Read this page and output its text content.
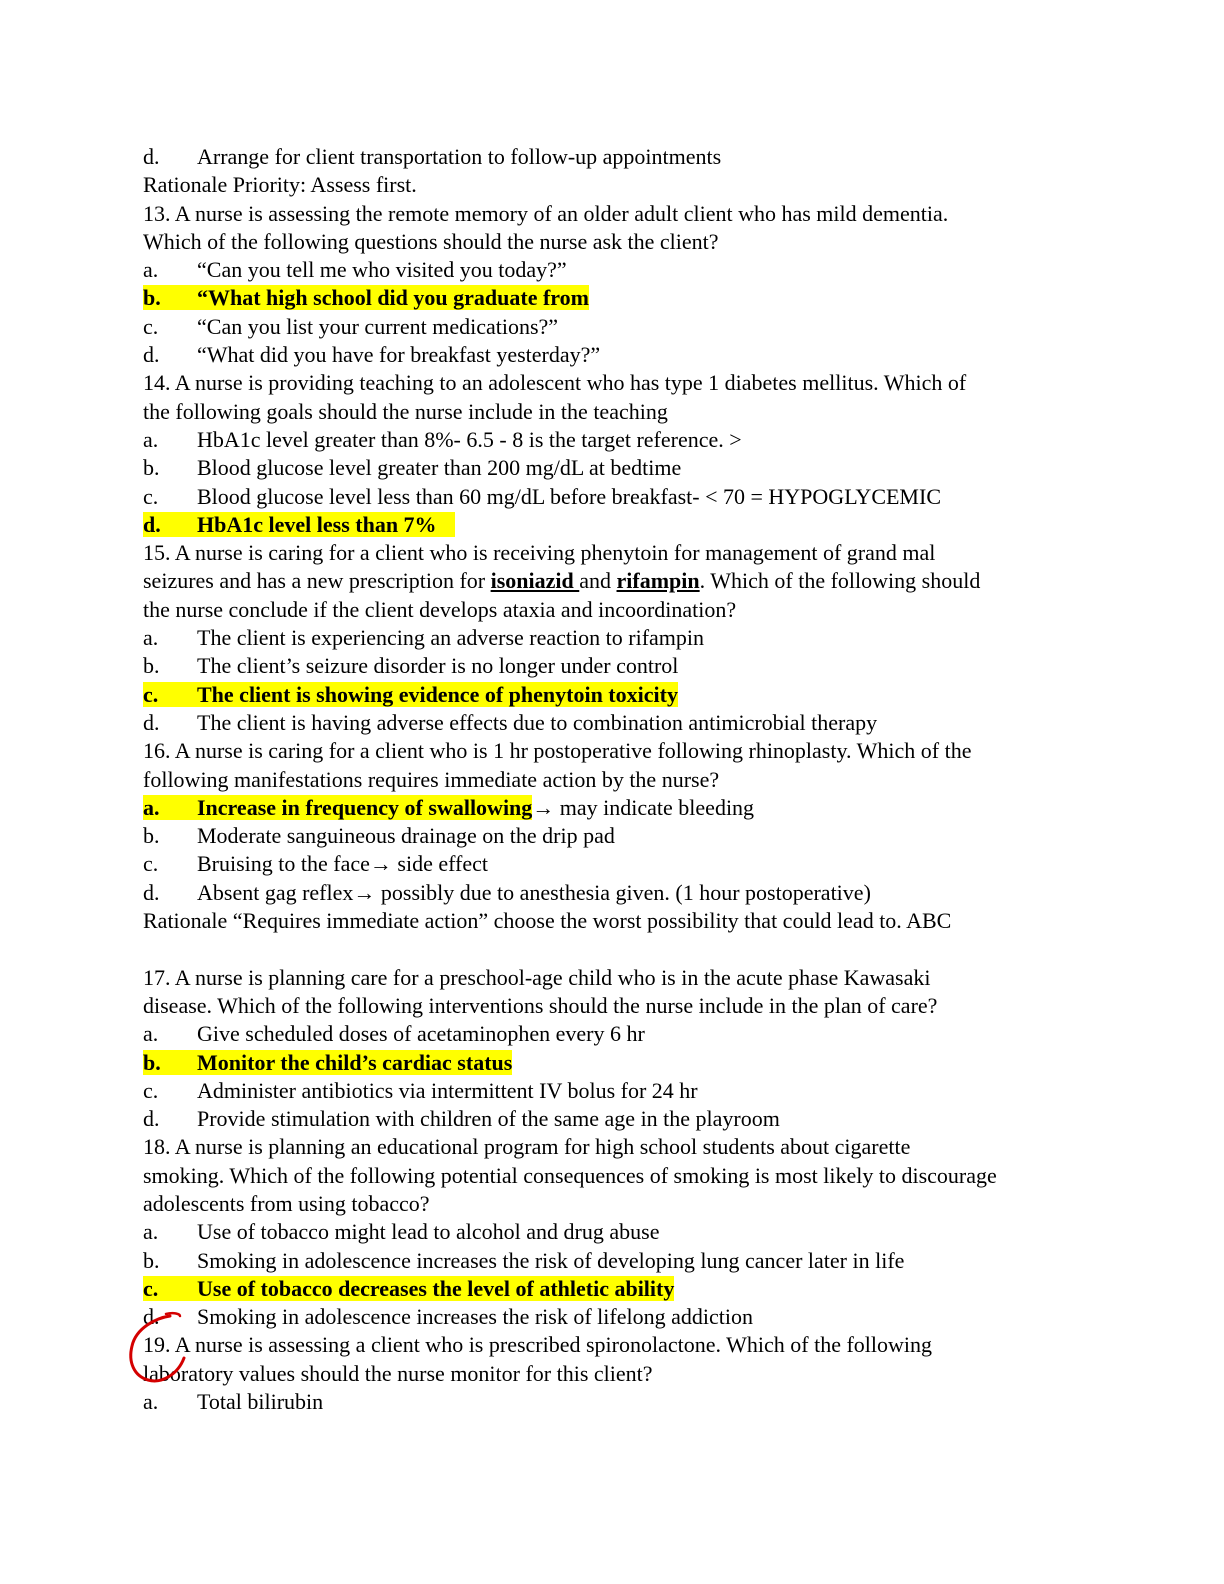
d. Arrange for client transportation to follow-up appointments
Rationale Priority: Assess first.
13. A nurse is assessing the remote memory of an older adult client who has mild dementia.
Which of the following questions should the nurse ask the client?
a. “Can you tell me who visited you today?”
b. “What high school did you graduate from
c. “Can you list your current medications?”
d. “What did you have for breakfast yesterday?”
14. A nurse is providing teaching to an adolescent who has type 1 diabetes mellitus. Which of
the following goals should the nurse include in the teaching
a. HbA1c level greater than 8%- 6.5 - 8 is the target reference. >
b. Blood glucose level greater than 200 mg/dL at bedtime
c. Blood glucose level less than 60 mg/dL before breakfast- < 70 = HYPOGLYCEMIC
d. HbA1c level less than 7%
15. A nurse is caring for a client who is receiving phenytoin for management of grand mal
seizures and has a new prescription for isoniazid and rifampin. Which of the following should
the nurse conclude if the client develops ataxia and incoordination?
a. The client is experiencing an adverse reaction to rifampin
b. The client’s seizure disorder is no longer under control
c. The client is showing evidence of phenytoin toxicity
d. The client is having adverse effects due to combination antimicrobial therapy
16. A nurse is caring for a client who is 1 hr postoperative following rhinoplasty. Which of the
following manifestations requires immediate action by the nurse?
a. Increase in frequency of swallowing→ may indicate bleeding
b. Moderate sanguineous drainage on the drip pad
c. Bruising to the face→ side effect
d. Absent gag reflex→ possibly due to anesthesia given. (1 hour postoperative)
Rationale “Requires immediate action” choose the worst possibility that could lead to. ABC
17. A nurse is planning care for a preschool-age child who is in the acute phase Kawasaki
disease. Which of the following interventions should the nurse include in the plan of care?
a. Give scheduled doses of acetaminophen every 6 hr
b. Monitor the child’s cardiac status
c. Administer antibiotics via intermittent IV bolus for 24 hr
d. Provide stimulation with children of the same age in the playroom
18. A nurse is planning an educational program for high school students about cigarette
smoking. Which of the following potential consequences of smoking is most likely to discourage
adolescents from using tobacco?
a. Use of tobacco might lead to alcohol and drug abuse
b. Smoking in adolescence increases the risk of developing lung cancer later in life
c. Use of tobacco decreases the level of athletic ability
d. Smoking in adolescence increases the risk of lifelong addiction
19. A nurse is assessing a client who is prescribed spironolactone. Which of the following
laboratory values should the nurse monitor for this client?
a. Total bilirubin
